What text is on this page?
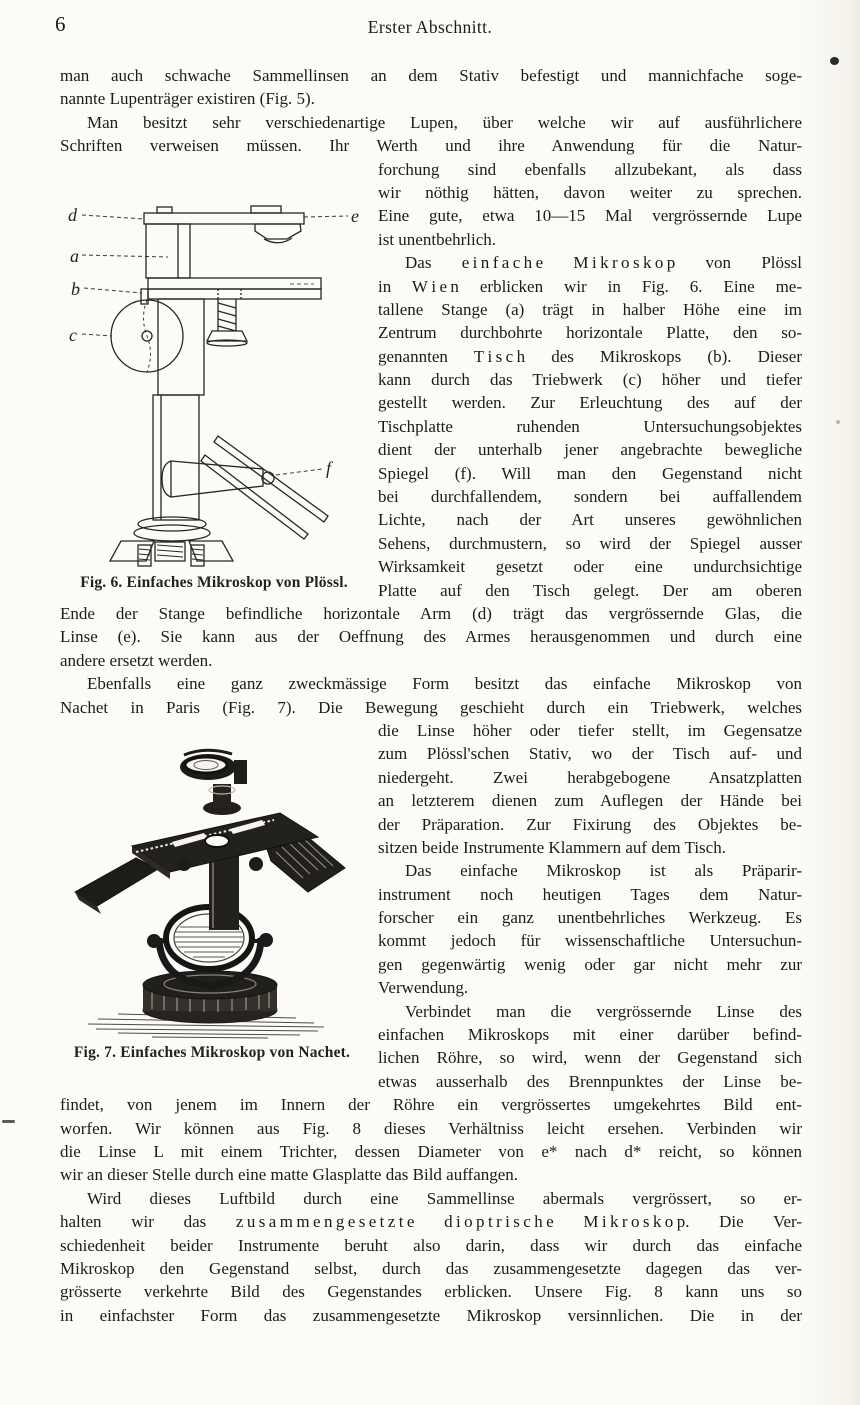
6	Erster Abschnitt.
man auch schwache Sammellinsen an dem Stativ befestigt und mannichfache soge-
nannte Lupenträger existiren (Fig. 5).
Man besitzt sehr verschiedenartige Lupen, über welche wir auf ausführlichere
Schriften verweisen müssen. Ihr Werth und ihre Anwendung für die Natur-
forchung sind ebenfalls allzubekant, als dass
wir nöthig hätten, davon weiter zu sprechen.
Eine gute, etwa 10—15 Mal vergrössernde Lupe
ist unentbehrlich.
Das e i n f a c h e M i k r o s k o p von Plössl
in W i e n erblicken wir in Fig. 6. Eine me-
tallene Stange (a) trägt in halber Höhe eine im
Zentrum durchbohrte horizontale Platte, den so-
genannten T i s c h des Mikroskops (b). Dieser
kann durch das Triebwerk (c) höher und tiefer
gestellt werden. Zur Erleuchtung des auf der
Tischplatte ruhenden Untersuchungsobjektes
dient der unterhalb jener angebrachte bewegliche
Spiegel (f). Will man den Gegenstand nicht
bei durchfallendem, sondern bei auffallendem
Lichte, nach der Art unseres gewöhnlichen
Sehens, durchmustern, so wird der Spiegel ausser
Wirksamkeit gesetzt oder eine undurchsichtige
Platte auf den Tisch gelegt. Der am oberen
Ende der Stange befindliche horizontale Arm (d) trägt das vergrössernde Glas, die
Linse (e). Sie kann aus der Oeffnung des Armes herausgenommen und durch eine
andere ersetzt werden.
Ebenfalls eine ganz zweckmässige Form besitzt das einfache Mikroskop von
Nachet in Paris (Fig. 7). Die Bewegung geschieht durch ein Triebwerk, welches
die Linse höher oder tiefer stellt, im Gegensatze
zum Plössl'schen Stativ, wo der Tisch auf- und
niedergeht. Zwei herabgebogene Ansatzplatten
an letzterem dienen zum Auflegen der Hände bei
der Präparation. Zur Fixirung des Objektes be-
sitzen beide Instrumente Klammern auf dem Tisch.
Das einfache Mikroskop ist als Präparir-
instrument noch heutigen Tages dem Natur-
forscher ein ganz unentbehrliches Werkzeug. Es
kommt jedoch für wissenschaftliche Untersuchun-
gen gegenwärtig wenig oder gar nicht mehr zur
Verwendung.
Verbindet man die vergrössernde Linse des
einfachen Mikroskops mit einer darüber befind-
lichen Röhre, so wird, wenn der Gegenstand sich
etwas ausserhalb des Brennpunktes der Linse be-
findet, von jenem im Innern der Röhre ein vergrössertes umgekehrtes Bild ent-
worfen. Wir können aus Fig. 8 dieses Verhältniss leicht ersehen. Verbinden wir
die Linse L mit einem Trichter, dessen Diameter von e* nach d* reicht, so können
wir an dieser Stelle durch eine matte Glasplatte das Bild auffangen.
Wird dieses Luftbild durch eine Sammellinse abermals vergrössert, so er-
halten wir das z u s a m m e n g e s e t z t e d i o p t r i s c h e M i k r o s k o p. Die Ver-
schiedenheit beider Instrumente beruht also darin, dass wir durch das einfache
Mikroskop den Gegenstand selbst, durch das zusammengesetzte dagegen das ver-
grösserte verkehrte Bild des Gegenstandes erblicken. Unsere Fig. 8 kann uns so
in einfachster Form das zusammengesetzte Mikroskop versinnlichen. Die in der
d
a
b
c
e
f
Fig. 6. Einfaches Mikroskop von Plössl.
Fig. 7. Einfaches Mikroskop von Nachet.
